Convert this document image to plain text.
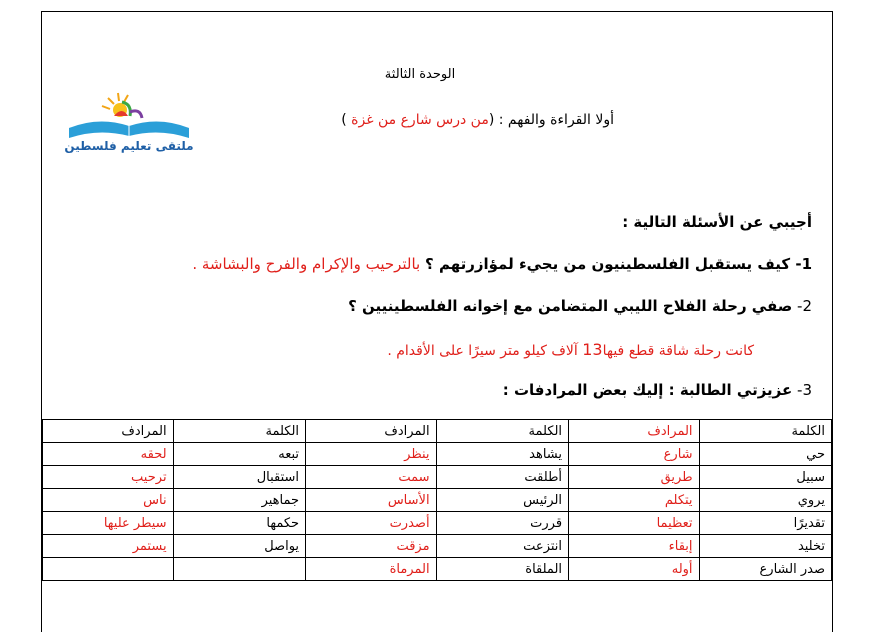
ملتقى تعليم فلسطين
الوحدة الثالثة
أولا القراءة والفهم : (من درس شارع من غزة )
أجيبي عن الأسئلة التالية :
1- كيف يستقبل الفلسطينيون من يجيء لمؤازرتهم ؟ بالترحيب والإكرام والفرح والبشاشة .
2- صفي رحلة الفلاح الليبي المتضامن مع إخوانه الفلسطينيين ؟
كانت رحلة شاقة قطع فيها13 آلاف كيلو متر سيرًا على الأقدام .
3- عزيزتي الطالبة : إليك بعض المرادفات :
الكلمة	المرادف	الكلمة	المرادف	الكلمة	المرادف
حي	شارع	يشاهد	ينظر	تبعه	لحقه
سبيل	طريق	أطلقت	سمت	استقبال	ترحيب
يروي	يتكلم	الرئيس	الأساس	جماهير	ناس
تقديرًا	تعظيما	قررت	أصدرت	حكمها	سيطر عليها
تخليد	إبقاء	انتزعت	مزقت	يواصل	يستمر
صدر الشارع	أوله	الملقاة	المرماة		
